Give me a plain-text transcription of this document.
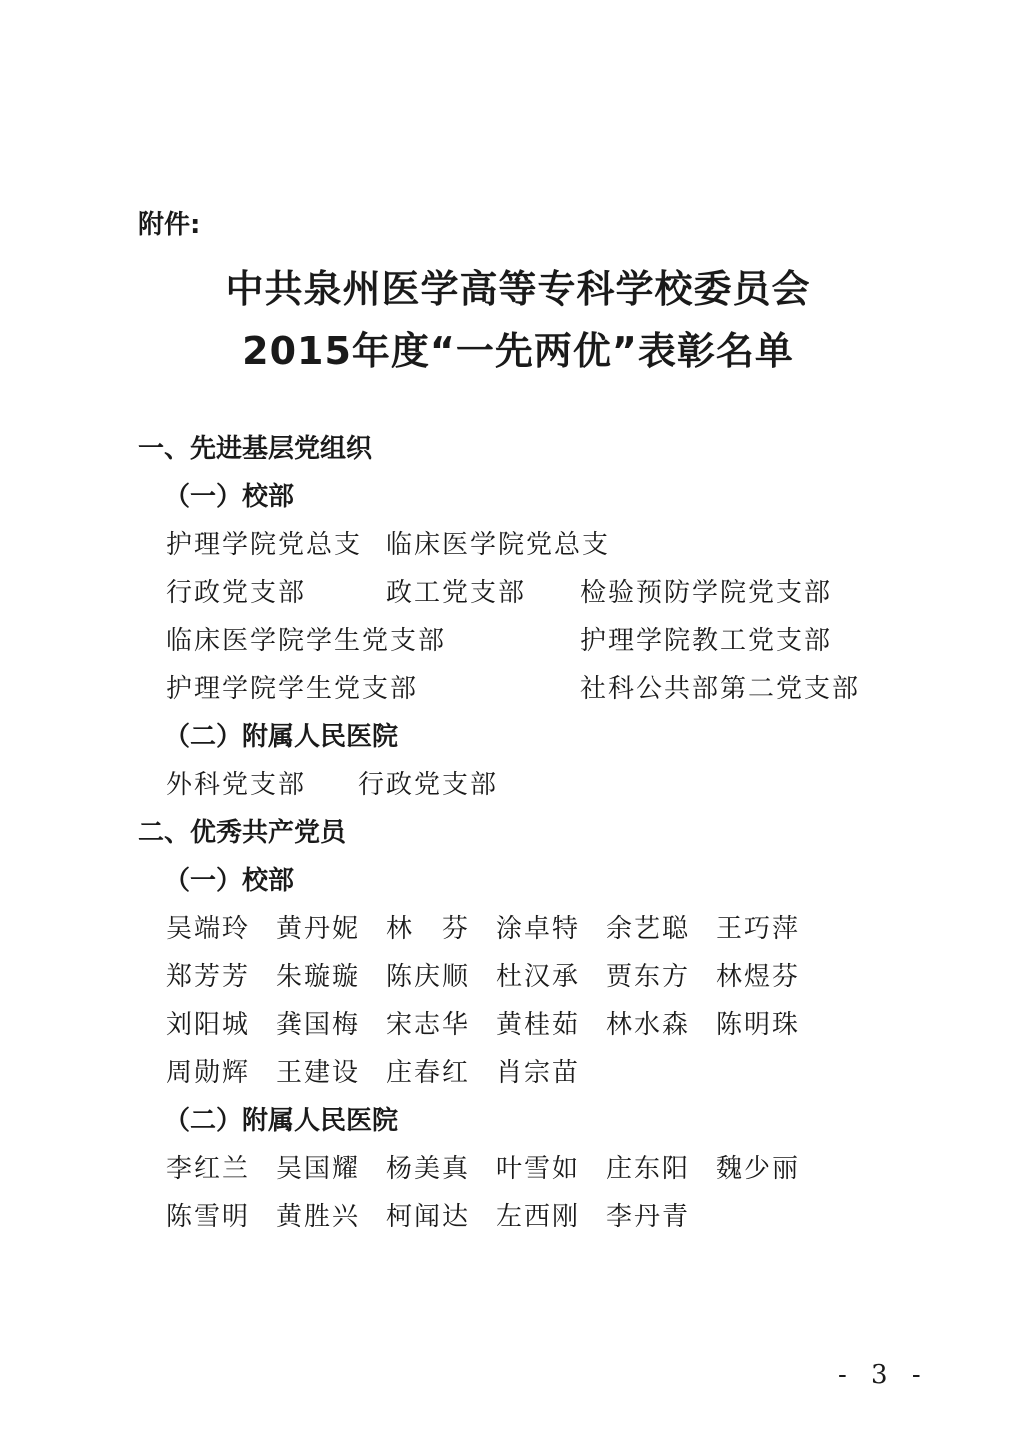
附件:
中共泉州医学高等专科学校委员会
2015年度“一先两优”表彰名单
一、先进基层党组织
（一）校部
护理学院党总支 临床医学院党总支
行政党支部	政工党支部 检验预防学院党支部
临床医学院学生党支部	护理学院教工党支部
护理学院学生党支部	社科公共部第二党支部
（二）附属人民医院
外科党支部 行政党支部
二、优秀共产党员
（一）校部
吴端玲 黄丹妮 林　芬 涂卓特 余艺聪 王巧萍
郑芳芳 朱璇璇 陈庆顺 杜汉承 贾东方 林煜芬
刘阳城 龚国梅 宋志华 黄桂茹 林水森 陈明珠
周勋辉 王建设 庄春红 肖宗苗
（二）附属人民医院
李红兰 吴国耀 杨美真 叶雪如 庄东阳 魏少丽
陈雪明 黄胜兴 柯闻达 左西刚 李丹青
- 3 -
